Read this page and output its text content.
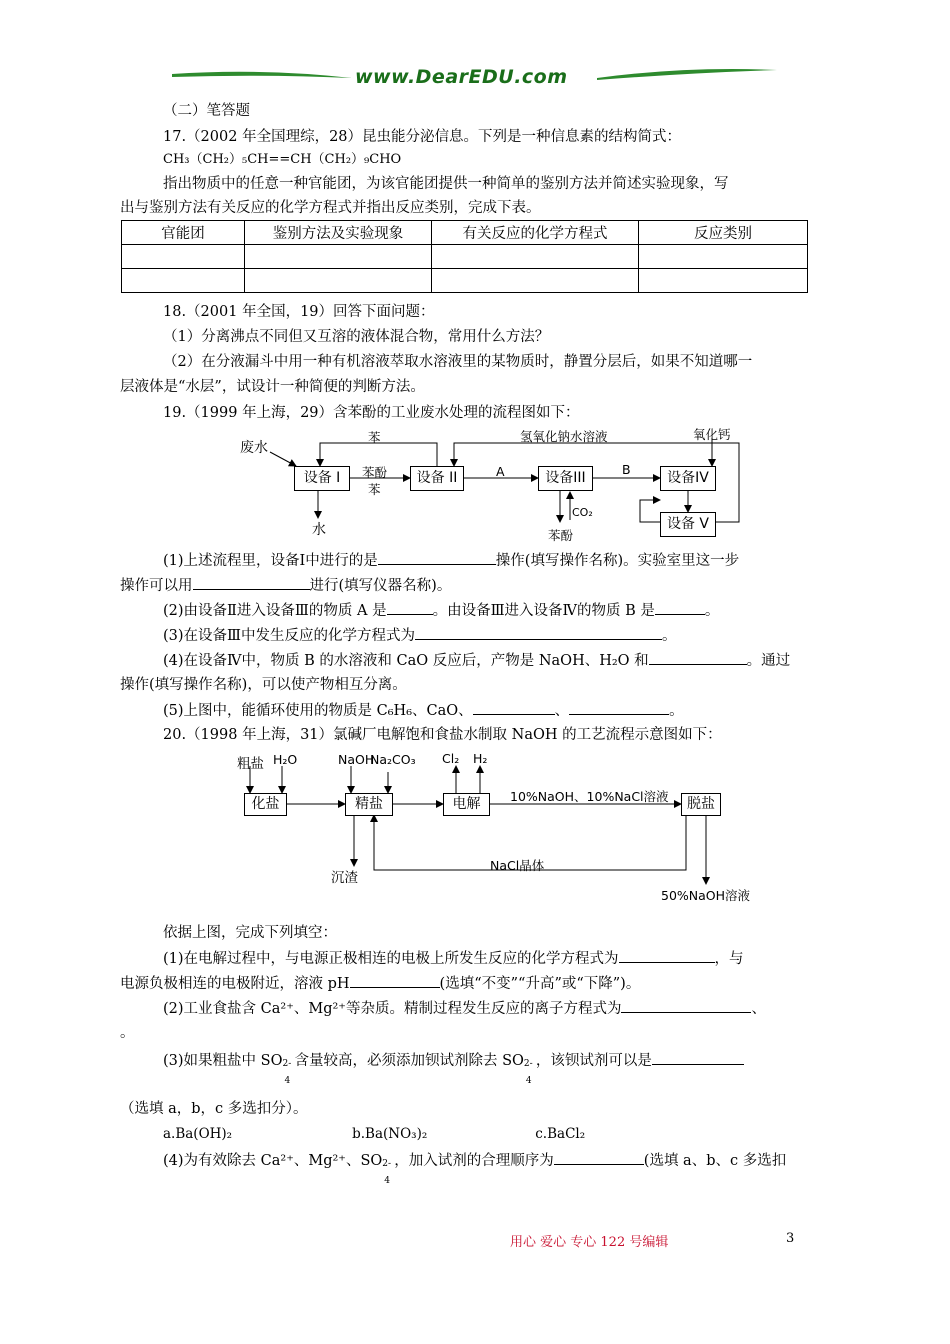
www.DearEDU.com
（二）笔答题
17.（2002 年全国理综，28）昆虫能分泌信息。下列是一种信息素的结构简式：
CH₃（CH₂）₅CH==CH（CH₂）₉CHO
指出物质中的任意一种官能团，为该官能团提供一种简单的鉴别方法并简述实验现象，写
出与鉴别方法有关反应的化学方程式并指出反应类别，完成下表。
官能团	鉴别方法及实验现象	有关反应的化学方程式	反应类别

18.（2001 年全国，19）回答下面问题：
（1）分离沸点不同但又互溶的液体混合物，常用什么方法？
（2）在分液漏斗中用一种有机溶液萃取水溶液里的某物质时，静置分层后，如果不知道哪一
层液体是“水层”，试设计一种简便的判断方法。
19.（1999 年上海，29）含苯酚的工业废水处理的流程图如下：
废水
苯	氢氧化钠水溶液	氧化钙
苯酚
苯
A	B
水
CO₂
苯酚
设备 I	设备 II	设备III	设备IV
设备 V
(1)上述流程里，设备Ⅰ中进行的是	操作(填写操作名称)。实验室里这一步
操作可以用	进行(填写仪器名称)。
(2)由设备Ⅱ进入设备Ⅲ的物质 A 是	。由设备Ⅲ进入设备Ⅳ的物质 B 是	。
(3)在设备Ⅲ中发生反应的化学方程式为	。
(4)在设备Ⅳ中，物质 B 的水溶液和 CaO 反应后，产物是 NaOH、H₂O 和	。通过
操作(填写操作名称)，可以使产物相互分离。
(5)上图中，能循环使用的物质是 C₆H₆、CaO、	、	。
20.（1998 年上海，31）氯碱厂电解饱和食盐水制取 NaOH 的工艺流程示意图如下：
粗盐 H₂O	NaOH
Na₂CO₃ Cl₂ H₂
化盐	精盐	电解	脱盐
10%NaOH、10%NaCl溶液
NaCl晶体
沉渣
50%NaOH溶液
依据上图，完成下列填空：
(1)在电解过程中，与电源正极相连的电极上所发生反应的化学方程式为	，与
电源负极相连的电极附近，溶液 pH	(选填“不变”“升高”或“下降”)。
(2)工业食盐含 Ca²⁺、Mg²⁺等杂质。精制过程发生反应的离子方程式为	、
。
(3)如果粗盐中 SO 2-
4
含量较高，必须添加钡试剂除去 SO 2-
4
，该钡试剂可以是
（选填 a，b，c 多选扣分）。
a.Ba(OH)₂	b.Ba(NO₃)₂	c.BaCl₂
(4)为有效除去 Ca²⁺、Mg²⁺、SO 2-
4
，加入试剂的合理顺序为	(选填 a、b、c 多选扣
用心 爱心 专心 122 号编辑	3
